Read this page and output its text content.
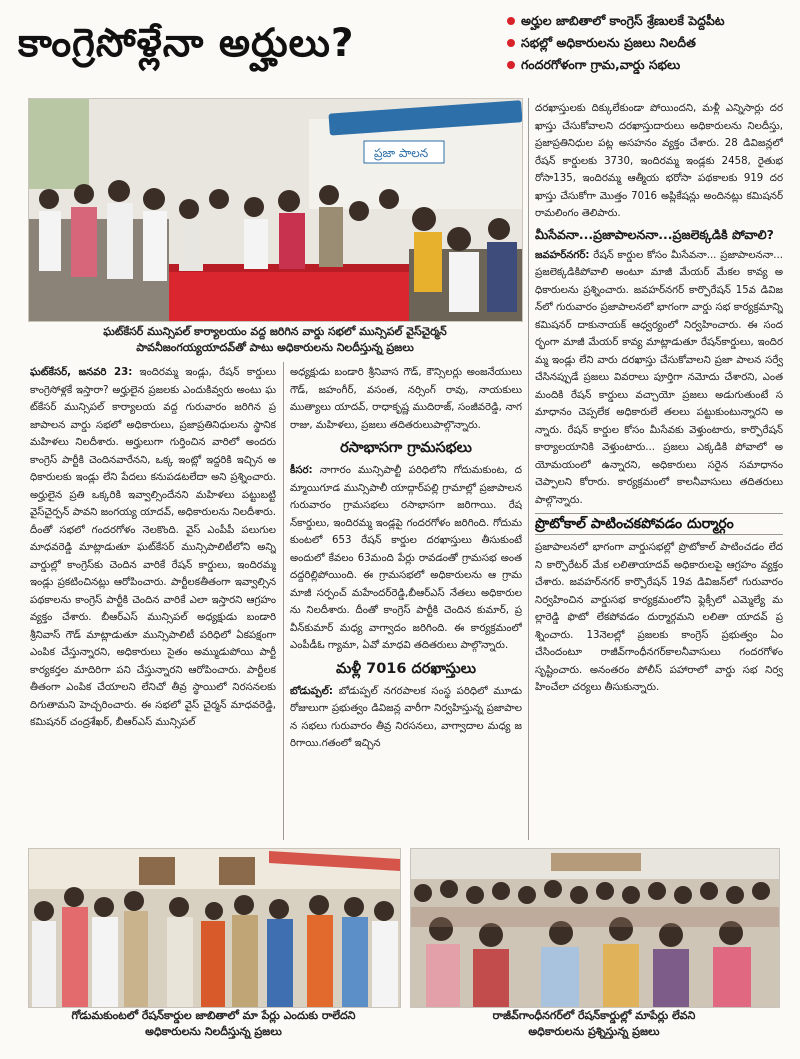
కాంగ్రెసోళ్లేనా అర్హులు?
అర్హుల జాబితాలో కాంగ్రెస్ శ్రేణులకే పెద్దపీట
సభల్లో అధికారులను ప్రజలు నిలదీత
గందరగోళంగా గ్రామ,వార్డు సభలు
ప్రజా పాలన
ఘట్‌కేసర్ మున్సిపల్ కార్యాలయం వద్ద జరిగిన వార్డు సభలో మున్సిపల్ వైస్‌చైర్మన్
పావనీజంగయ్యయాదవ్‌తో పాటు అధికారులను నిలదీస్తున్న ప్రజలు

ఘట్‌కేసర్, జనవరి 23: ఇందిరమ్మ ఇండ్లు, రేషన్ కార్డులు కాంగ్రెసోళ్లకే ఇస్తారా? అర్హులైన ప్రజలకు ఎందుకివ్వరు అంటు ఘట్‌కేసర్ మున్సిపల్ కార్యాలయ వద్ద గురువారం జరిగిన ప్రజాపాలన వార్డు సభలో అధికారులు, ప్రజాప్రతినిధులను స్థానిక మహిళలు నిలదీశారు. అర్హులుగా గుర్తించిన వారిలో అందరు కాంగ్రెస్ పార్టీకి చెందినవారేనని, ఒక్క ఇంట్లో ఇద్దరికి ఇచ్చిన అధికారులకు ఇండ్లు లేని పేదలు కనుపడటలేదా అని ప్రశ్నించారు.అర్హులైన ప్రతి ఒక్కరికి ఇవ్వాల్సిందేనని మహిళలు పట్టుబట్టి వైస్‌చైర్పన్ పావని జంగయ్య యాదవ్, అధికారులను నిలదీశారు. దీంతో సభలో గందరగోళం నెలకొంది. వైస్ ఎంపీపీ పలుగుల మాధవరెడ్డి మాట్లాడుతూ ఘట్‌కేసర్ మున్సిపాలిటీలోని అన్ని వార్డుల్లో కాంగ్రెస్‌కు చెందిన వారికే రేషన్ కార్డులు, ఇందిరమ్మ ఇండ్లు ప్రకటించినట్లు ఆరోపించారు. పార్టీలకతీతంగా ఇవ్వాల్సిన పథకాలను కాంగ్రెస్ పార్టీకి చెందిన వారికే ఎలా ఇస్తారని ఆగ్రహం వ్యక్తం చేశారు. బీఆర్ఎస్ మున్సిపల్ అధ్యక్షుడు బండారి శ్రీనివాస్ గౌడ్ మాట్లాడుతూ మున్సిపాలిటీ పరిధిలో ఏకపక్షంగా ఎంపిక చేస్తున్నారని, అధికారులు సైతం అమ్ముడుపోయి పార్టీ కార్యకర్తల మాదిరిగా పని చేస్తున్నారని ఆరోపించారు. పార్టీలకతీతంగా ఎంపిక చేయాలని లేనిచో తీవ్ర స్థాయిలో నిరసనలకు దిగుతామని హెచ్చరించారు. ఈ సభలో వైస్ చైర్మన్ మాధవరెడ్డి, కమిషనర్ చంద్రశేఖర్, బీఆర్ఎస్ మున్సిపల్

అధ్యక్షుడు బండారి శ్రీనివాస గౌడ్, కౌన్సిలర్లు అంజనేయులు గౌడ్, జహంగీర్, వసంత, నర్సింగ్ రావు, నాయకులు ముత్యాలు యాదవ్, రాధాకృష్ణ ముదిరాజ్, సంజీవరెడ్డి, నాగరాజు, మహిళలు, ప్రజలు తదితరులుపాల్గొన్నారు.

రసాభాసగా గ్రామసభలు

కీసర: నాగారం మున్సిపాల్టీ పరిధిలోని గోదుమకుంట, దమ్మాయిగూడ మున్సిపాలీ యాద్గార్‌పల్లి గ్రామాల్లో ప్రజాపాలన గురువారం గ్రామసభలు రసాభాసగా జరిగాయి. రేషన్‌కార్డులు, ఇందిరమ్మ ఇండ్లపై గందరగోళం జరిగింది. గోదుమకుంటలో 653 రేషన్ కార్డుల దరఖాస్తులు తీసుకుంటే అందులో కేవలం 63మంది పేర్లు రావడంతో గ్రామసభ అంత దద్దరిల్లిపోయింది. ఈ గ్రామసభలో అధికారులను ఆ గ్రామ మాజీ సర్పంచ్ మహేందర్‌రెడ్డి,బీఆర్ఎస్ నేతలు అధికారులను నిలదీశారు. దీంతో కాంగ్రెస్ పార్టీకి చెందిన కుమార్, ప్రవీన్‌కుమార్ మధ్య వాగ్వాదం జరిగింది. ఈ కార్యక్రమంలో ఎంపీడీఓ గ్యామా, ఏవో మాధవి తదితరులు పాల్గొన్నారు.

మళ్లీ 7016 దరఖాస్తులు

బోడుప్పల్: బోడుప్పల్ నగరపాలక సంస్థ పరిధిలో మూడు రోజులుగా ప్రభుత్వం డివిజన్ల వారీగా నిర్వహిస్తున్న ప్రజాపాలన సభలు గురువారం తీవ్ర నిరసనలు, వాగ్వాదాల మధ్య జరిగాయి.గతంలో ఇచ్చిన

దరఖాస్తులకు దిక్కులేకుండా పోయిందని, మళ్లీ ఎన్నిసార్లు దరఖాస్తు చేసుకోవాలని దరఖాస్తుదారులు అధికారులను నిలదీస్తు, ప్రజాప్రతినిధుల పట్ల అసహనం వ్యక్తం చేశారు. 28 డివిజన్లలో రేషన్ కార్డులకు 3730, ఇందిరమ్మ ఇండ్లకు 2458, రైతుభరోసా135, ఇందిరమ్మ ఆత్మీయ భరోసా పథకాలకు 919 దరఖాస్తు చేసుకోగా మొత్తం 7016 అప్లికేషన్లు అందినట్లు కమిషనర్ రామలింగం తెలిపారు.

మీసేవనా...ప్రజాపాలననా...ప్రజలెక్కడికి పోవాలి?

జవహర్‌నగర్: రేషన్ కార్డుల కోసం మీసేవనా... ప్రజాపాలననా... ప్రజలెక్కడికిపోవాలి అంటూ మాజీ మేయర్ మేకల కావ్య అధికారులను ప్రశ్నించారు. జవహర్‌నగర్ కార్పొరేషన్ 15వ డివిజన్‌లో గురువారం ప్రజాపాలనలో భాగంగా వార్డు సభ కార్యక్రమాన్ని కమిషనర్ దాకునాయక్ ఆధ్వర్యంలో నిర్వహించారు. ఈ సందర్భంగా మాజీ మేయర్ కావ్య మాట్లాడుతూ రేషన్‌కార్డులు, ఇందిరమ్మ ఇండ్లు లేని వారు దరఖాస్తు చేసుకోవాలని ప్రజా పాలన సర్వే చేసినప్పుడే ప్రజలు వివరాలు పూర్తిగా నమోదు చేశారని, ఎంత మందికి రేషన్ కార్డులు వచ్చాయో ప్రజలు అడుగుతుంటే సమాధానం చెప్పలేక అధికారులే తలలు పట్టుకుంటున్నారని అన్నారు. రేషన్ కార్డుల కోసం మీసేవకు వెళ్తుంటారు, కార్పొరేషన్ కార్యాలయానికి వెళ్తుంటారు... ప్రజలు ఎక్కడికి పోవాలో అయోమయంలో ఉన్నారని, అధికారులు సరైన సమాధానం చెప్పాలని కోరారు. కార్యక్రమంలో కాలనీవాసులు తదితరులు పాల్గొన్నారు.

ప్రొటోకాల్ పాటించకపోవడం దుర్మార్గం

ప్రజాపాలనలో భాగంగా వార్డుసభల్లో ప్రొటోకాల్ పాటించడం లేదని కార్పొరేటర్ మేక లలితాయాదవ్ అధికారులపై ఆగ్రహం వ్యక్తం చేశారు. జవహర్‌నగర్ కార్పొరేషన్ 19వ డివిజన్‌లో గురువారం నిర్వహించిన వార్డుసభ కార్యక్రమంలోని ఫ్లెక్సీలో ఎమ్మెల్యే మల్లారెడ్డి ఫొటో లేకపోవడం దుర్మార్గమని లలితా యాదవ్ ప్రశ్నించారు. 13నెలల్లో ప్రజలకు కాంగ్రెస్ ప్రభుత్వం ఏం చేసిందంటూ రాజీవ్‌గాంధీనగర్‌కాలనీవాసులు గందరగోళం సృష్టించారు. అనంతరం పోలీస్ పహారాలో వార్డు సభ నిర్వహించేలా చర్యలు తీసుకున్నారు.

గోడుమకుంటలో రేషన్‌కార్డుల జాబితాలో మా పేర్లు ఎందుకు రాలేదని
అధికారులను నిలదీస్తున్న ప్రజలు
రాజీవ్‌గాంధీనగర్‌లో రేషన్‌కార్డుల్లో మాపేర్లు లేవని
అధికారులను ప్రశ్నిస్తున్న ప్రజలు
